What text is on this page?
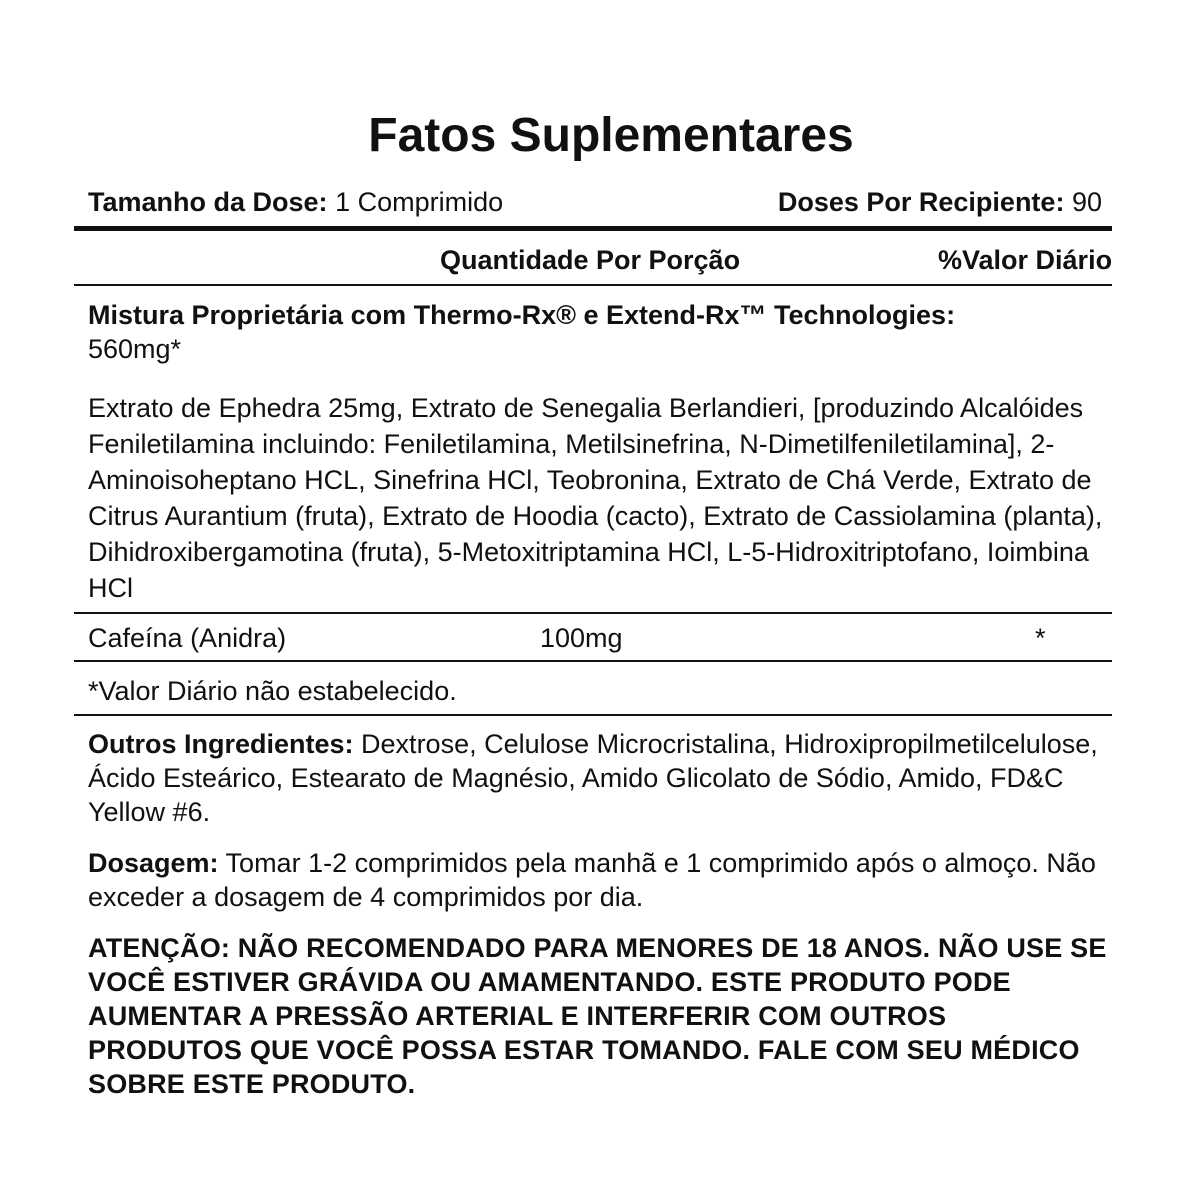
Fatos Suplementares
Tamanho da Dose: 1 Comprimido	Doses Por Recipiente: 90
Quantidade Por Porção	%Valor Diário
Mistura Proprietária com Thermo-Rx® e Extend-Rx™ Technologies:
560mg*
Extrato de Ephedra 25mg, Extrato de Senegalia Berlandieri, [produzindo Alcalóides Feniletilamina incluindo: Feniletilamina, Metilsinefrina, N-Dimetilfeniletilamina], 2-Aminoisoheptano HCL, Sinefrina HCl, Teobronina, Extrato de Chá Verde, Extrato de Citrus Aurantium (fruta), Extrato de Hoodia (cacto), Extrato de Cassiolamina (planta), Dihidroxibergamotina (fruta), 5-Metoxitriptamina HCl, L-5-Hidroxitriptofano, Ioimbina HCl
Cafeína (Anidra)	100mg	*
*Valor Diário não estabelecido.
Outros Ingredientes: Dextrose, Celulose Microcristalina, Hidroxipropilmetilcelulose, Ácido Esteárico, Estearato de Magnésio, Amido Glicolato de Sódio, Amido, FD&C Yellow #6.
Dosagem: Tomar 1-2 comprimidos pela manhã e 1 comprimido após o almoço. Não exceder a dosagem de 4 comprimidos por dia.
ATENÇÃO: NÃO RECOMENDADO PARA MENORES DE 18 ANOS. NÃO USE SE VOCÊ ESTIVER GRÁVIDA OU AMAMENTANDO. ESTE PRODUTO PODE AUMENTAR A PRESSÃO ARTERIAL E INTERFERIR COM OUTROS PRODUTOS QUE VOCÊ POSSA ESTAR TOMANDO. FALE COM SEU MÉDICO SOBRE ESTE PRODUTO.
